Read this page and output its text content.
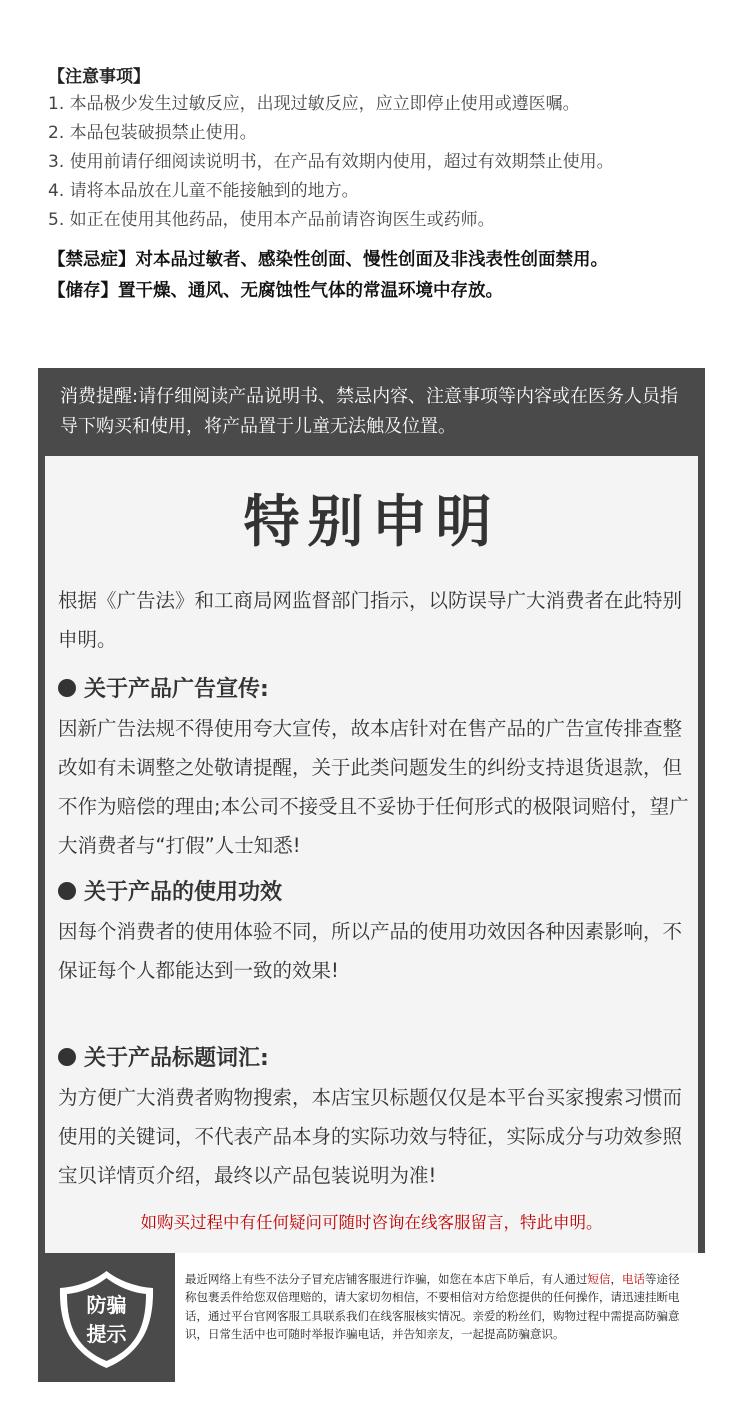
【注意事项】
1. 本品极少发生过敏反应，出现过敏反应，应立即停止使用或遵医嘱。
2. 本品包装破损禁止使用。
3. 使用前请仔细阅读说明书，在产品有效期内使用，超过有效期禁止使用。
4. 请将本品放在儿童不能接触到的地方。
5. 如正在使用其他药品，使用本产品前请咨询医生或药师。
【禁忌症】对本品过敏者、感染性创面、慢性创面及非浅表性创面禁用。
【储存】置干燥、通风、无腐蚀性气体的常温环境中存放。
消费提醒:请仔细阅读产品说明书、禁忌内容、注意事项等内容或在医务人员指导下购买和使用，将产品置于儿童无法触及位置。
特别申明
根据《广告法》和工商局网监督部门指示，以防误导广大消费者在此特别申明。
关于产品广告宣传:
因新广告法规不得使用夸大宣传，故本店针对在售产品的广告宣传排查整改如有未调整之处敬请提醒，关于此类问题发生的纠纷支持退货退款，但不作为赔偿的理由;本公司不接受且不妥协于任何形式的极限词赔付，望广大消费者与“打假”人士知悉!
关于产品的使用功效
因每个消费者的使用体验不同，所以产品的使用功效因各种因素影响，不保证每个人都能达到一致的效果!
关于产品标题词汇:
为方便广大消费者购物搜索，本店宝贝标题仅仅是本平台买家搜索习惯而使用的关键词，不代表产品本身的实际功效与特征，实际成分与功效参照宝贝详情页介绍，最终以产品包装说明为准!
如购买过程中有任何疑问可随时咨询在线客服留言，特此申明。
防骗
提示
最近网络上有些不法分子冒充店铺客服进行诈骗，如您在本店下单后，有人通过短信，电话等途径称包裹丢件给您双倍理赔的，请大家切勿相信，不要相信对方给您提供的任何操作，请迅速挂断电话，通过平台官网客服工具联系我们在线客服核实情况。亲爱的粉丝们，购物过程中需提高防骗意识，日常生活中也可随时举报诈骗电话，并告知亲友，一起提高防骗意识。
